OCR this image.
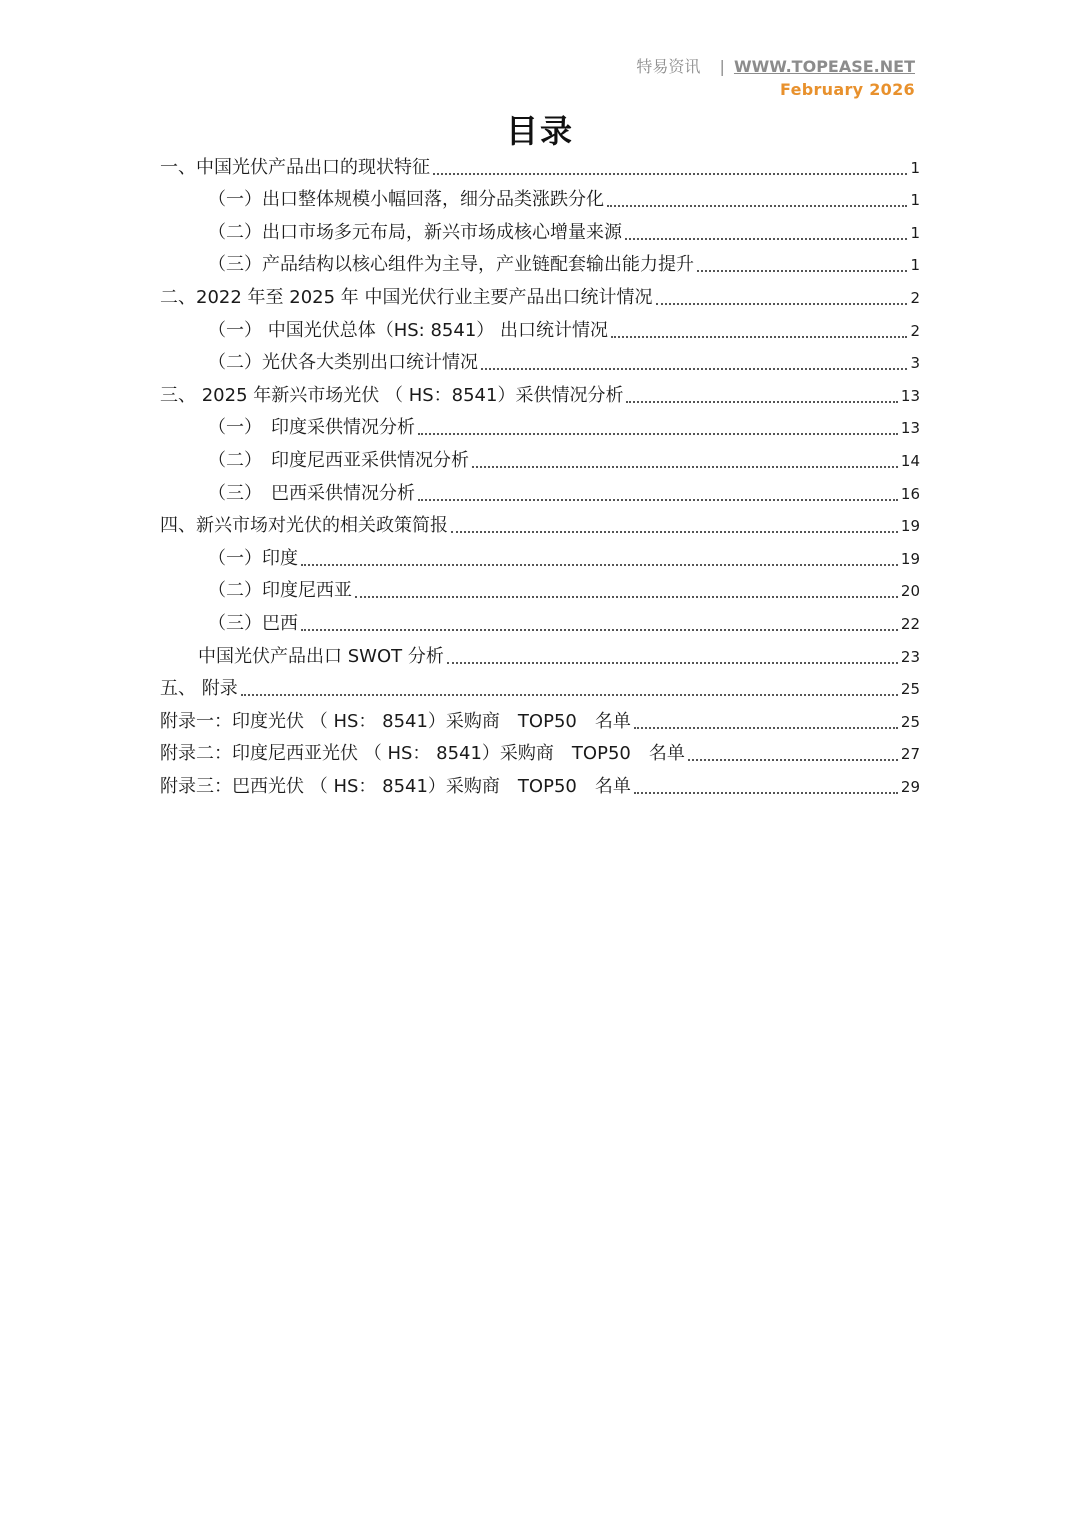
特易资讯 | WWW.TOPEASE.NET
February 2026
目录
一、中国光伏产品出口的现状特征	1
（一）出口整体规模小幅回落，细分品类涨跌分化	1
（二）出口市场多元布局，新兴市场成核心增量来源	1
（三）产品结构以核心组件为主导，产业链配套输出能力提升	1
二、2022 年至 2025 年 中国光伏行业主要产品出口统计情况	2
（一） 中国光伏总体（HS: 8541） 出口统计情况	2
（二）光伏各大类别出口统计情况	3
三、 2025 年新兴市场光伏 （ HS：8541）采供情况分析	13
（一）　印度采供情况分析	13
（二）　印度尼西亚采供情况分析	14
（三）　巴西采供情况分析	16
四、新兴市场对光伏的相关政策简报	19
（一）印度	19
（二）印度尼西亚	20
（三）巴西	22
中国光伏产品出口 SWOT 分析	23
五、 附录	25
附录一：印度光伏 （ HS： 8541）采购商　TOP50　名单	25
附录二：印度尼西亚光伏 （ HS： 8541）采购商　TOP50　名单	27
附录三：巴西光伏 （ HS： 8541）采购商　TOP50　名单	29
